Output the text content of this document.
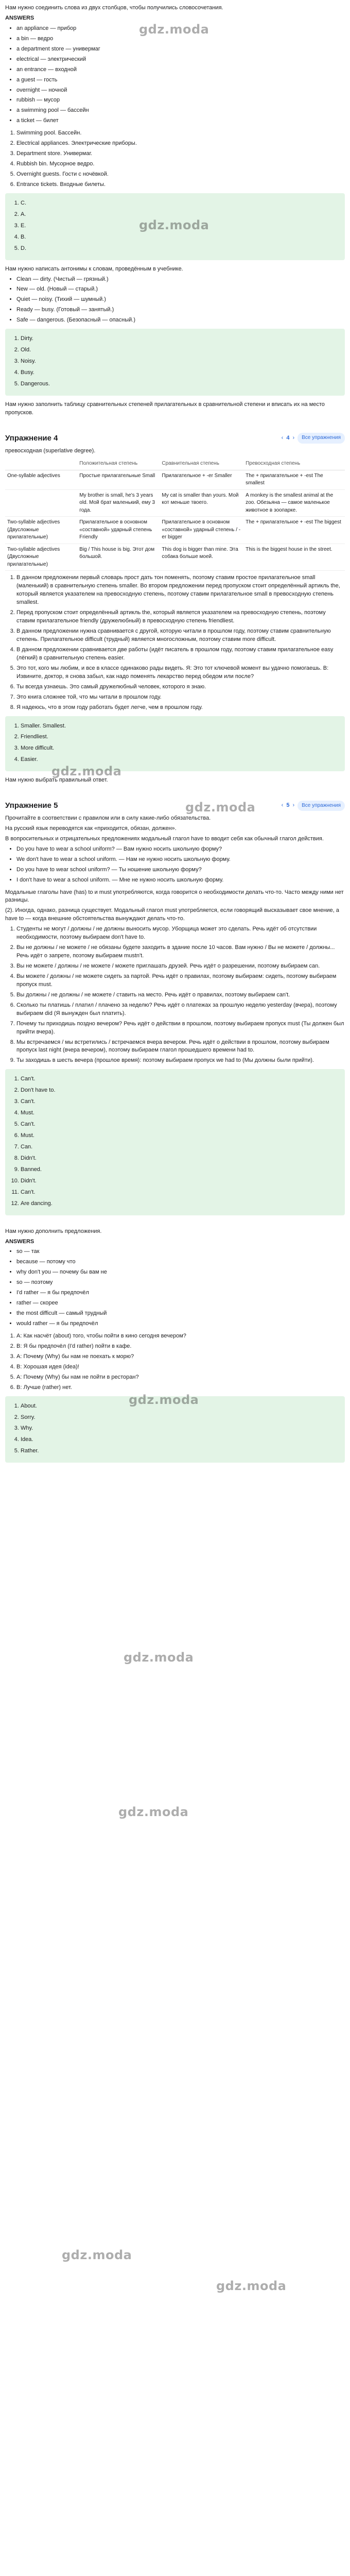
Нам нужно соединить слова из двух столбцов, чтобы получились словосочетания.

ANSWERS

• an appliance — прибор
• a bin — ведро
• a department store — универмаг
• electrical — электрический
• an entrance — входной
• a guest — гость
• overnight — ночной
• rubbish — мусор
• a swimming pool — бассейн
• a ticket — билет
1. Swimming pool. Бассейн.
2. Electrical appliances. Электрические приборы.
3. Department store. Универмаг.
4. Rubbish bin. Мусорное ведро.
5. Overnight guests. Гости с ночёвкой.
6. Entrance tickets. Входные билеты.
1. C.
2. A.
3. E.
4. B.
5. D.

Нам нужно написать антонимы к словам, проведённым в учебнике.

• Clean — dirty. (Чистый — грязный.)
• New — old. (Новый — старый.)
• Quiet — noisy. (Тихий — шумный.)
• Ready — busy. (Готовый — занятый.)
• Safe — dangerous. (Безопасный — опасный.)
1. Dirty.
2. Old.
3. Noisy.
4. Busy.
5. Dangerous.

Нам нужно заполнить таблицу сравнительных степеней прилагательных в сравнительной степени и вписать их на место пропусков.

Упражнение 4	‹ 4 ›	Все упражнения

превосходная (superlative degree).

	Положительная степень	Сравнительная степень	Превосходная степень
One-syllable adjectives	Простые прилагательные Small	Прилагательное + -er Smaller	The + прилагательное + -est The smallest
	My brother is small, he's 3 years old. Мой брат маленький, ему 3 года.	My cat is smaller than yours. Мой кот меньше твоего.	A monkey is the smallest animal at the zoo. Обезьяна — самое маленькое животное в зоопарке.
Two-syllable adjectives (Двусложные прилагательные)	Прилагательное в основном «составной» ударный степень Friendly	Прилагательное в основном «составной» ударный степень / -er bigger	The + прилагательное + -est The biggest
Two-syllable adjectives (Двусложные прилагательные)	Big / This house is big. Этот дом большой.	This dog is bigger than mine. Эта собака больше моей.	This is the biggest house in the street.
1. В данном предложении первый словарь прост дать тон поменять, поэтому ставим простое прилагательное small (маленький) в сравнительную степень smaller. Во втором предложении перед пропуском стоит определённый артикль the, который является указателем на превосходную степень, поэтому ставим прилагательное small в превосходную степень smallest.
2. Перед пропуском стоит определённый артикль the, который является указателем на превосходную степень, поэтому ставим прилагательное friendly (дружелюбный) в превосходную степень friendliest.
3. В данном предложении нужна сравнивается с другой, которую читали в прошлом году, поэтому ставим сравнительную степень. Прилагательное difficult (трудный) является многосложным, поэтому ставим more difficult.
4. В данном предложении сравнивается две работы (идёт писатель в прошлом году, поэтому ставим прилагательное easy (лёгкий) в сравнительную степень easier.
5. Это тот, кого мы любим, и все в классе одинаково рады видеть. Я: Это тот ключевой момент вы удачно помогаешь. В: Извините, доктор, я снова забыл, как надо поменять лекарство перед обедом или после?
6. Ты всегда узнаешь. Это самый дружелюбный человек, которого я знаю.
7. Это книга сложнее той, что мы читали в прошлом году.
8. Я надеюсь, что в этом году работать будет легче, чем в прошлом году.
1. Smaller. Smallest.
2. Friendliest.
3. More difficult.
4. Easier.

Нам нужно выбрать правильный ответ.

Упражнение 5	‹ 5 ›	Все упражнения

Прочитайте в соответствии с правилом или в силу какие-либо обязательства.

На русский язык переводятся как «приходится, обязан, должен».

В вопросительных и отрицательных предложениях модальный глагол have to вводит себя как обычный глагол действия.

• Do you have to wear a school uniform? — Вам нужно носить школьную форму?
• We don't have to wear a school uniform. — Нам не нужно носить школьную форму.
• Do you have to wear school uniform? — Ты ношение школьную форму?
• I don't have to wear a school uniform. — Мне не нужно носить школьную форму.

Модальные глаголы have (has) to и must употребляются, когда говорится о необходимости делать что-то. Часто между ними нет разницы.

(2). Иногда, однако, разница существует. Модальный глагол must употребляется, если говорящий высказывает свое мнение, а have to — когда внешние обстоятельства вынуждают делать что-то.

1. Студенты не могут / должны / не должны выносить мусор. Уборщица может это сделать. Речь идёт об отсутствии необходимости, поэтому выбираем don't have to.
2. Вы не должны / не можете / не обязаны будете заходить в здание после 10 часов. Вам нужно / Вы не можете / должны... Речь идёт о запрете, поэтому выбираем mustn't.
3. Вы не можете / должны / не можете / можете приглашать друзей. Речь идёт о разрешении, поэтому выбираем can.
4. Вы можете / должны / не можете сидеть за партой. Речь идёт о правилах, поэтому выбираем: сидеть, поэтому выбираем пропуск must.
5. Вы должны / не должны / не можете / ставить на место. Речь идёт о правилах, поэтому выбираем can't.
6. Сколько ты платишь / платил / плачено за неделю? Речь идёт о платежах за прошлую неделю yesterday (вчера), поэтому выбираем did (Я вынужден был платить).
7. Почему ты приходишь поздно вечером? Речь идёт о действии в прошлом, поэтому выбираем пропуск must (Ты должен был прийти вчера).
8. Мы встречаемся / мы встретились / встречаемся вчера вечером. Речь идёт о действии в прошлом, поэтому выбираем пропуск last night (вчера вечером), поэтому выбираем глагол прошедшего времени had to.
9. Ты заходишь в шесть вечера (прошлое время): поэтому выбираем пропуск we had to (Мы должны были прийти).
1. Can't.
2. Don't have to.
3. Can't.
4. Must.
5. Can't.
6. Must.
7. Can.
8. Didn't.
9. Banned.
10. Didn't.
11. Can't.
12. Are dancing.

Нам нужно дополнить предложения.

ANSWERS

• so — так
• because — потому что
• why don't you — почему бы вам не
• so — поэтому
• I'd rather — я бы предпочёл
• rather — скорее
• the most difficult — самый трудный
• would rather — я бы предпочёл
1. A: Как насчёт (about) того, чтобы пойти в кино сегодня вечером?
2. B: Я бы предпочёл (I'd rather) пойти в кафе.
3. A: Почему (Why) бы нам не поехать к морю?
4. B: Хорошая идея (idea)!
5. A: Почему (Why) бы нам не пойти в ресторан?
6. B: Лучше (rather) нет.
1. About.
2. Sorry.
3. Why.
4. Idea.
5. Rather.
gdz.moda
gdz.moda
gdz.moda
gdz.moda
gdz.moda
gdz.moda
gdz.moda
gdz.moda
gdz.moda
